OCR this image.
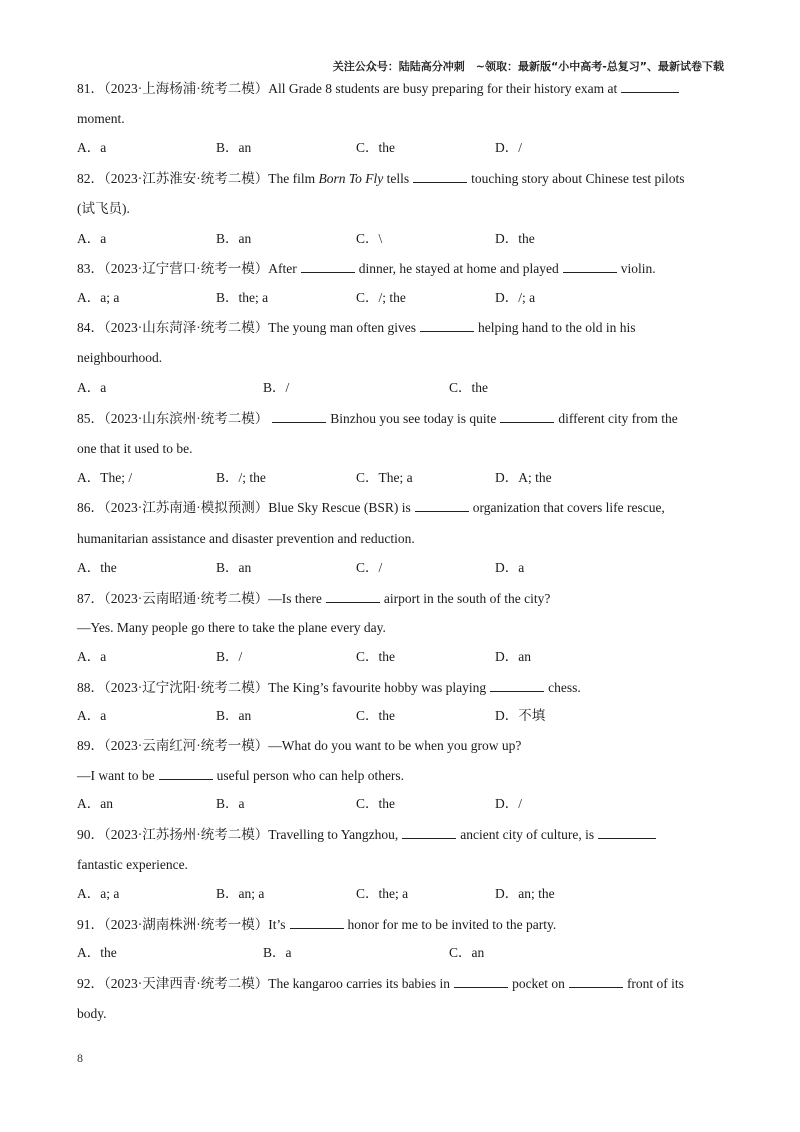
关注公众号：陆陆高分冲刺　~领取：最新版“小中高考-总复习”、最新试卷下载
81．（2023·上海杨浦·统考二模）All Grade 8 students are busy preparing for their history exam at
moment.
A．a	B．an	C．the	D．/
82．（2023·江苏淮安·统考二模）The film Born To Fly tells	touching story about Chinese test pilots
(试飞员).
A．a	B．an	C．\	D．the
83．（2023·辽宁营口·统考一模）After	dinner, he stayed at home and played	violin.
A．a; a	B．the; a	C．/; the	D．/; a
84．（2023·山东菏泽·统考二模）The young man often gives	helping hand to the old in his
neighbourhood.
A．a	B．/	C．the
85．（2023·山东滨州·统考二模）	Binzhou you see today is quite	different city from the
one that it used to be.
A．The; /	B．/; the	C．The; a	D．A; the
86．（2023·江苏南通·模拟预测）Blue Sky Rescue (BSR) is	organization that covers life rescue,
humanitarian assistance and disaster prevention and reduction.
A．the	B．an	C．/	D．a
87．（2023·云南昭通·统考二模）—Is there	airport in the south of the city?
—Yes. Many people go there to take the plane every day.
A．a	B．/	C．the	D．an
88．（2023·辽宁沈阳·统考二模）The King’s favourite hobby was playing	chess.
A．a	B．an	C．the	D．不填
89．（2023·云南红河·统考一模）—What do you want to be when you grow up?
—I want to be	useful person who can help others.
A．an	B．a	C．the	D．/
90．（2023·江苏扬州·统考二模）Travelling to Yangzhou,	ancient city of culture, is
fantastic experience.
A．a; a	B．an; a	C．the; a	D．an; the
91．（2023·湖南株洲·统考一模）It’s	honor for me to be invited to the party.
A．the	B．a	C．an
92．（2023·天津西青·统考二模）The kangaroo carries its babies in	pocket on	front of its
body.
8
